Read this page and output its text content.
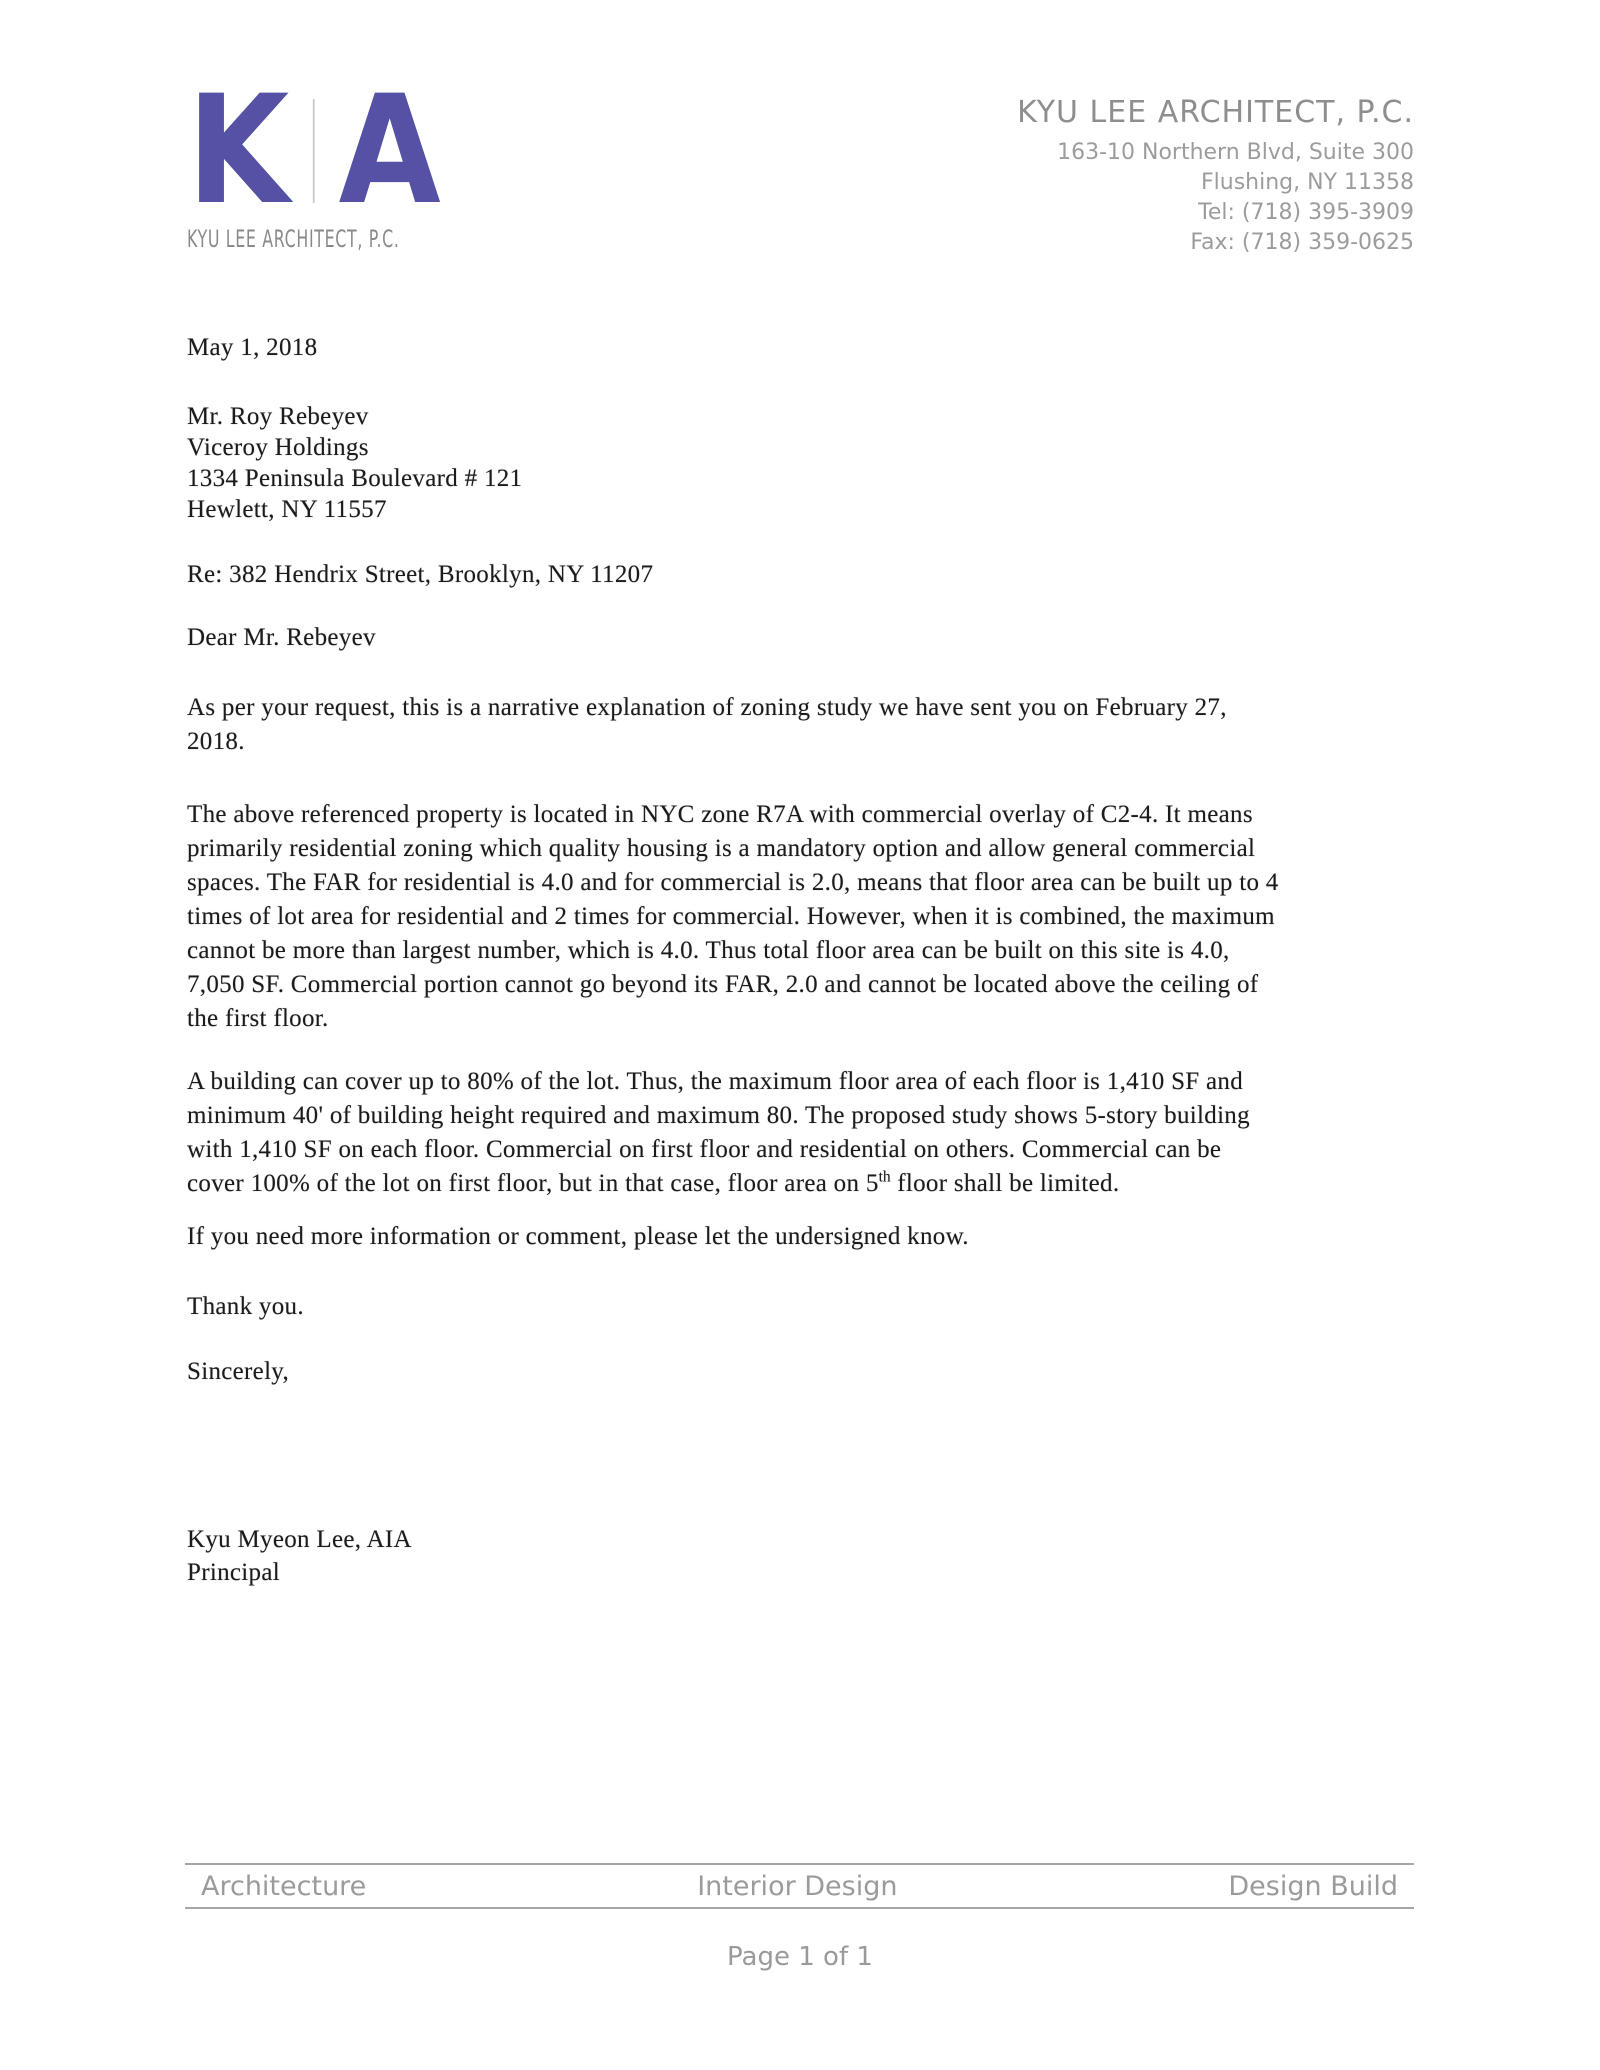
K A
KYU LEE ARCHITECT, P.C.
KYU LEE ARCHITECT, P.C.
163-10 Northern Blvd, Suite 300
Flushing, NY 11358
Tel: (718) 395-3909
Fax: (718) 359-0625
May 1, 2018
Mr. Roy Rebeyev
Viceroy Holdings
1334 Peninsula Boulevard # 121
Hewlett, NY 11557
Re: 382 Hendrix Street, Brooklyn, NY 11207
Dear Mr. Rebeyev
As per your request, this is a narrative explanation of zoning study we have sent you on February 27,
2018.
The above referenced property is located in NYC zone R7A with commercial overlay of C2-4. It means
primarily residential zoning which quality housing is a mandatory option and allow general commercial
spaces. The FAR for residential is 4.0 and for commercial is 2.0, means that floor area can be built up to 4
times of lot area for residential and 2 times for commercial. However, when it is combined, the maximum
cannot be more than largest number, which is 4.0. Thus total floor area can be built on this site is 4.0,
7,050 SF. Commercial portion cannot go beyond its FAR, 2.0 and cannot be located above the ceiling of
the first floor.
A building can cover up to 80% of the lot. Thus, the maximum floor area of each floor is 1,410 SF and
minimum 40' of building height required and maximum 80. The proposed study shows 5-story building
with 1,410 SF on each floor. Commercial on first floor and residential on others. Commercial can be
cover 100% of the lot on first floor, but in that case, floor area on 5th floor shall be limited.
If you need more information or comment, please let the undersigned know.
Thank you.
Sincerely,
Kyu Myeon Lee, AIA
Principal
Architecture	Interior Design	Design Build
Page 1 of 1
